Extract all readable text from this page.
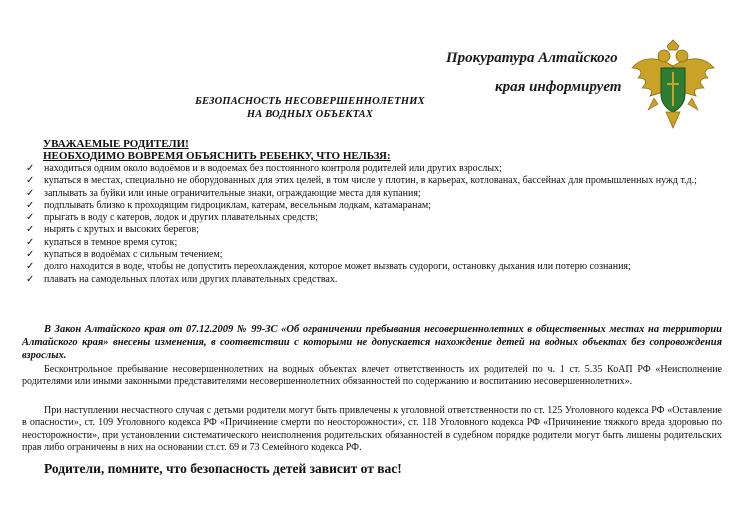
Прокуратура Алтайского
края информирует
БЕЗОПАСНОСТЬ НЕСОВЕРШЕННОЛЕТНИХ
НА ВОДНЫХ ОБЪЕКТАХ
УВАЖАЕМЫЕ РОДИТЕЛИ!
НЕОБХОДИМО ВОВРЕМЯ ОБЪЯСНИТЬ РЕБЕНКУ, ЧТО НЕЛЬЗЯ:
✓ находиться одним около водоёмов и в водоемах без постоянного контроля родителей или других взрослых;
✓ купаться в местах, специально не оборудованных для этих целей, в том числе у плотин, в карьерах, котлованах, бассейнах для промышленных нужд т.д.;
✓ заплывать за буйки или иные ограничительные знаки, ограждающие места для купания;
✓ подплывать близко к проходящим гидроциклам, катерам, весельным лодкам, катамаранам;
✓ прыгать в воду с катеров, лодок и других плавательных средств;
✓ нырять с крутых и высоких берегов;
✓ купаться в темное время суток;
✓ купаться в водоёмах с сильным течением;
✓ долго находится в воде, чтобы не допустить переохлаждения, которое может вызвать судороги, остановку дыхания или потерю сознания;
✓ плавать на самодельных плотах или других плавательных средствах.
В Закон Алтайского края от 07.12.2009 № 99-ЗС «Об ограничении пребывания несовершеннолетних в общественных местах на территории Алтайского края» внесены изменения, в соответствии с которыми не допускается нахождение детей на водных объектах без сопровождения взрослых.
Бесконтрольное пребывание несовершеннолетних на водных объектах влечет ответственность их родителей по ч. 1 ст. 5.35 КоАП РФ «Неисполнение родителями или иными законными представителями несовершеннолетних обязанностей по содержанию и воспитанию несовершеннолетних».
При наступлении несчастного случая с детьми родители могут быть привлечены к уголовной ответственности по ст. 125 Уголовного кодекса РФ «Оставление в опасности», ст. 109 Уголовного кодекса РФ «Причинение смерти по неосторожности», ст. 118 Уголовного кодекса РФ «Причинение тяжкого вреда здоровью по неосторожности», при установлении систематического неисполнения родительских обязанностей в судебном порядке родители могут быть лишены родительских прав либо ограничены в них на основании ст.ст. 69 и 73 Семейного кодекса РФ.
Родители, помните, что безопасность детей зависит от вас!
